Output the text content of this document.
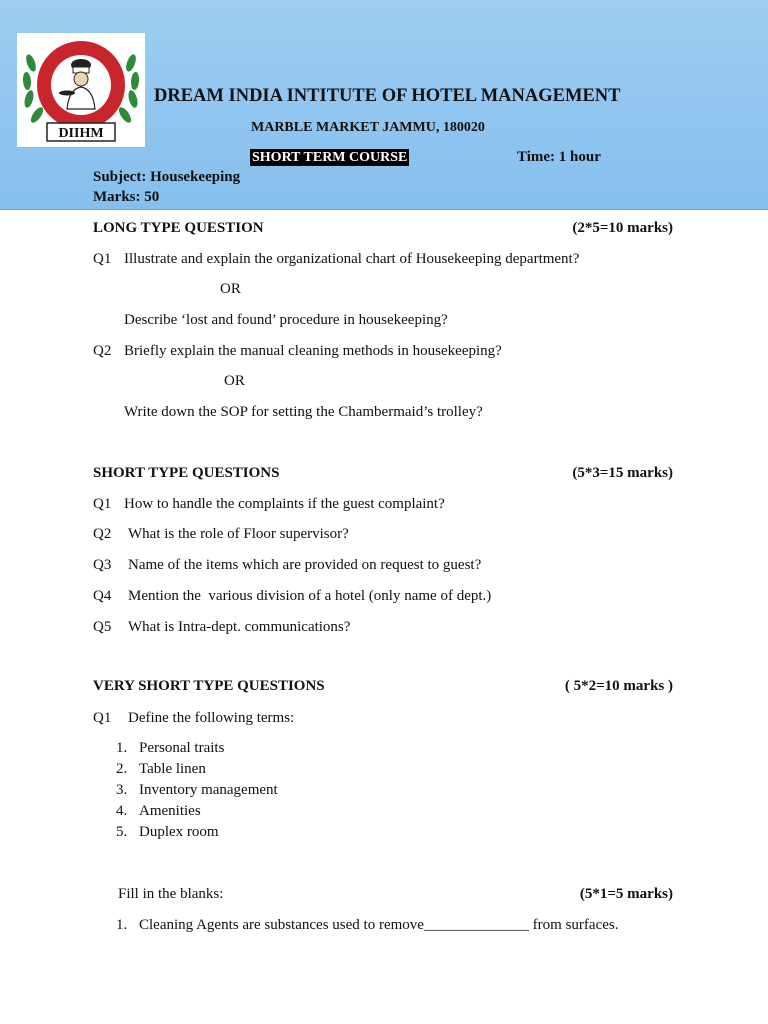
DIIHM
DREAM INDIA INTITUTE OF HOTEL MANAGEMENT
MARBLE MARKET JAMMU, 180020
SHORT TERM COURSE	Time: 1 hour
Subject: Housekeeping
Marks: 50
LONG TYPE QUESTION	(2*5=10 marks)
Q1 Illustrate and explain the organizational chart of Housekeeping department?
OR
Describe ‘lost and found’ procedure in housekeeping?
Q2 Briefly explain the manual cleaning methods in housekeeping?
OR
Write down the SOP for setting the Chambermaid’s trolley?
SHORT TYPE QUESTIONS	(5*3=15 marks)
Q1 How to handle the complaints if the guest complaint?
Q2 What is the role of Floor supervisor?
Q3 Name of the items which are provided on request to guest?
Q4 Mention the  various division of a hotel (only name of dept.)
Q5 What is Intra-dept. communications?
VERY SHORT TYPE QUESTIONS	( 5*2=10 marks )
Q1 Define the following terms:
1. Personal traits
2. Table linen
3. Inventory management
4. Amenities
5. Duplex room
Fill in the blanks:	(5*1=5 marks)
1. Cleaning Agents are substances used to remove______________ from surfaces.
